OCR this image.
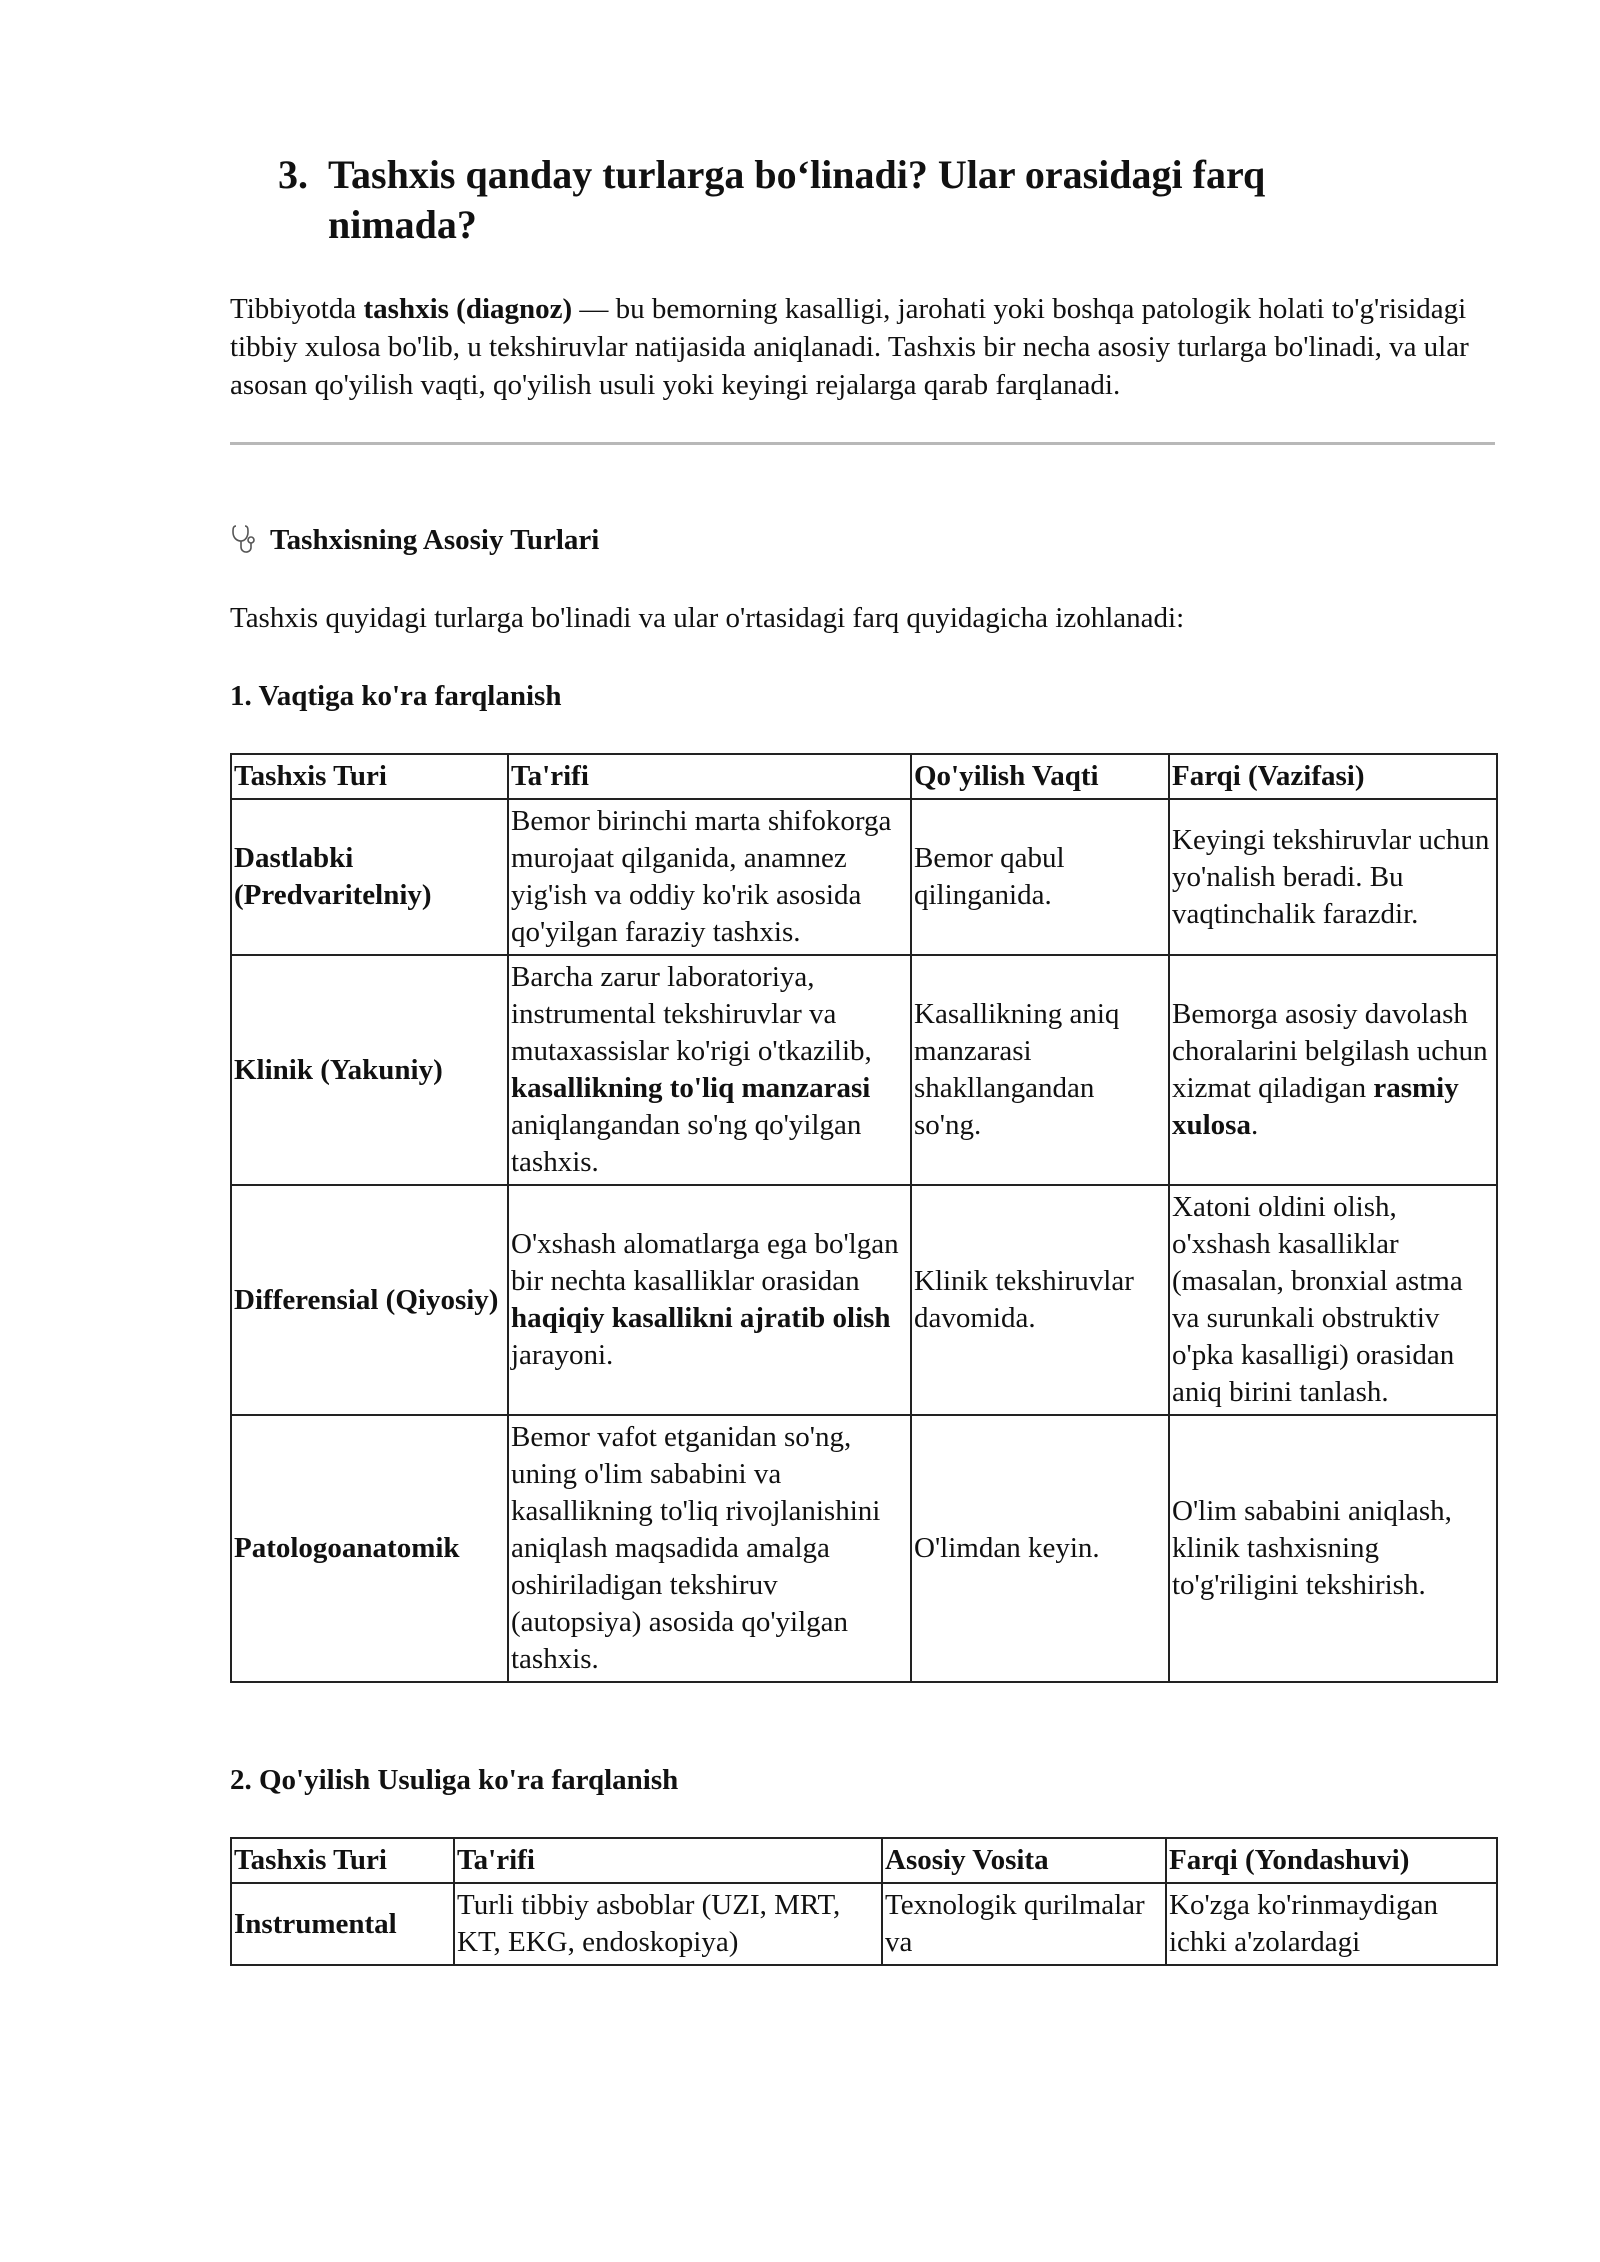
3. Tashxis qanday turlarga bo‘linadi? Ular orasidagi farq nimada?

Tibbiyotda tashxis (diagnoz) — bu bemorning kasalligi, jarohati yoki boshqa patologik holati to'g'risidagi tibbiy xulosa bo'lib, u tekshiruvlar natijasida aniqlanadi. Tashxis bir necha asosiy turlarga bo'linadi, va ular asosan qo'yilish vaqti, qo'yilish usuli yoki keyingi rejalarga qarab farqlanadi.

Tashxisning Asosiy Turlari

Tashxis quyidagi turlarga bo'linadi va ular o'rtasidagi farq quyidagicha izohlanadi:

1. Vaqtiga ko'ra farqlanish
Tashxis Turi	Ta'rifi	Qo'yilish Vaqti	Farqi (Vazifasi)
Dastlabki (Predvaritelniy)	Bemor birinchi marta shifokorga murojaat qilganida, anamnez yig'ish va oddiy ko'rik asosida qo'yilgan faraziy tashxis.	Bemor qabul qilinganida.	Keyingi tekshiruvlar uchun yo'nalish beradi. Bu vaqtinchalik farazdir.
Klinik (Yakuniy)	Barcha zarur laboratoriya, instrumental tekshiruvlar va mutaxassislar ko'rigi o'tkazilib, kasallikning to'liq manzarasi aniqlangandan so'ng qo'yilgan tashxis.	Kasallikning aniq manzarasi shakllangandan so'ng.	Bemorga asosiy davolash choralarini belgilash uchun xizmat qiladigan rasmiy xulosa.
Differensial (Qiyosiy)	O'xshash alomatlarga ega bo'lgan bir nechta kasalliklar orasidan haqiqiy kasallikni ajratib olish jarayoni.	Klinik tekshiruvlar davomida.	Xatoni oldini olish, o'xshash kasalliklar (masalan, bronxial astma va surunkali obstruktiv o'pka kasalligi) orasidan aniq birini tanlash.
Patologoanatomik	Bemor vafot etganidan so'ng, uning o'lim sababini va kasallikning to'liq rivojlanishini aniqlash maqsadida amalga oshiriladigan tekshiruv (autopsiya) asosida qo'yilgan tashxis.	O'limdan keyin.	O'lim sababini aniqlash, klinik tashxisning to'g'riligini tekshirish.
2. Qo'yilish Usuliga ko'ra farqlanish
Tashxis Turi	Ta'rifi	Asosiy Vosita	Farqi (Yondashuvi)
Instrumental	Turli tibbiy asboblar (UZI, MRT, KT, EKG, endoskopiya)	Texnologik qurilmalar va	Ko'zga ko'rinmaydigan ichki a'zolardagi
